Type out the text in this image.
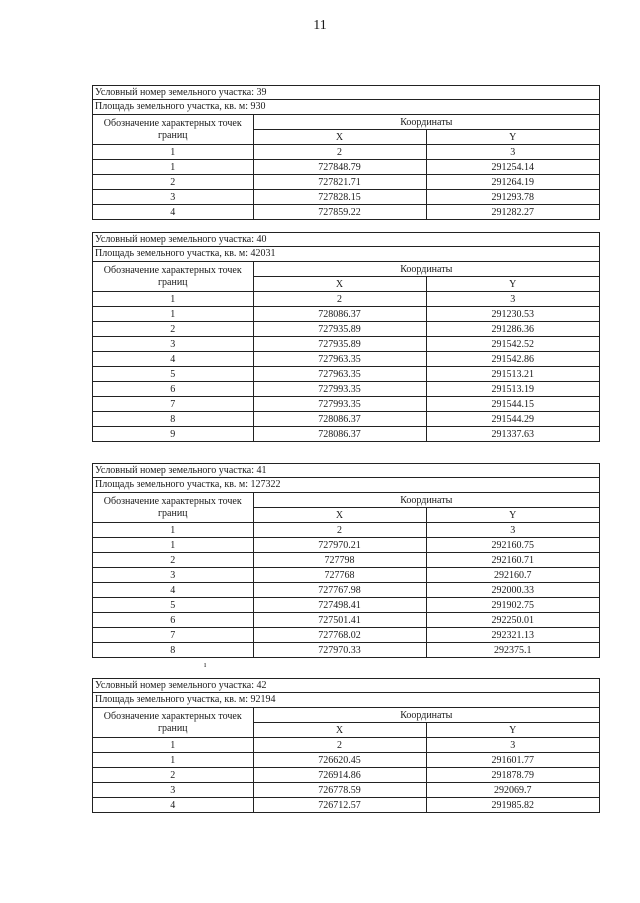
11
Условный номер земельного участка: 39
Площадь земельного участка, кв. м: 930
Обозначение характерных точек границ	Координаты	
	X	Y
1	2	3
1	727848.79	291254.14
2	727821.71	291264.19
3	727828.15	291293.78
4	727859.22	291282.27
Условный номер земельного участка: 40
Площадь земельного участка, кв. м: 42031
Обозначение характерных точек границ	Координаты	
	X	Y
1	2	3
1	728086.37	291230.53
2	727935.89	291286.36
3	727935.89	291542.52
4	727963.35	291542.86
5	727963.35	291513.21
6	727993.35	291513.19
7	727993.35	291544.15
8	728086.37	291544.29
9	728086.37	291337.63
Условный номер земельного участка: 41
Площадь земельного участка, кв. м: 127322
Обозначение характерных точек границ	Координаты	
	X	Y
1	2	3
1	727970.21	292160.75
2	727798	292160.71
3	727768	292160.7
4	727767.98	292000.33
5	727498.41	291902.75
6	727501.41	292250.01
7	727768.02	292321.13
8	727970.33	292375.1
Условный номер земельного участка: 42
Площадь земельного участка, кв. м: 92194
Обозначение характерных точек границ	Координаты	
	X	Y
1	2	3
1	726620.45	291601.77
2	726914.86	291878.79
3	726778.59	292069.7
4	726712.57	291985.82
ı
